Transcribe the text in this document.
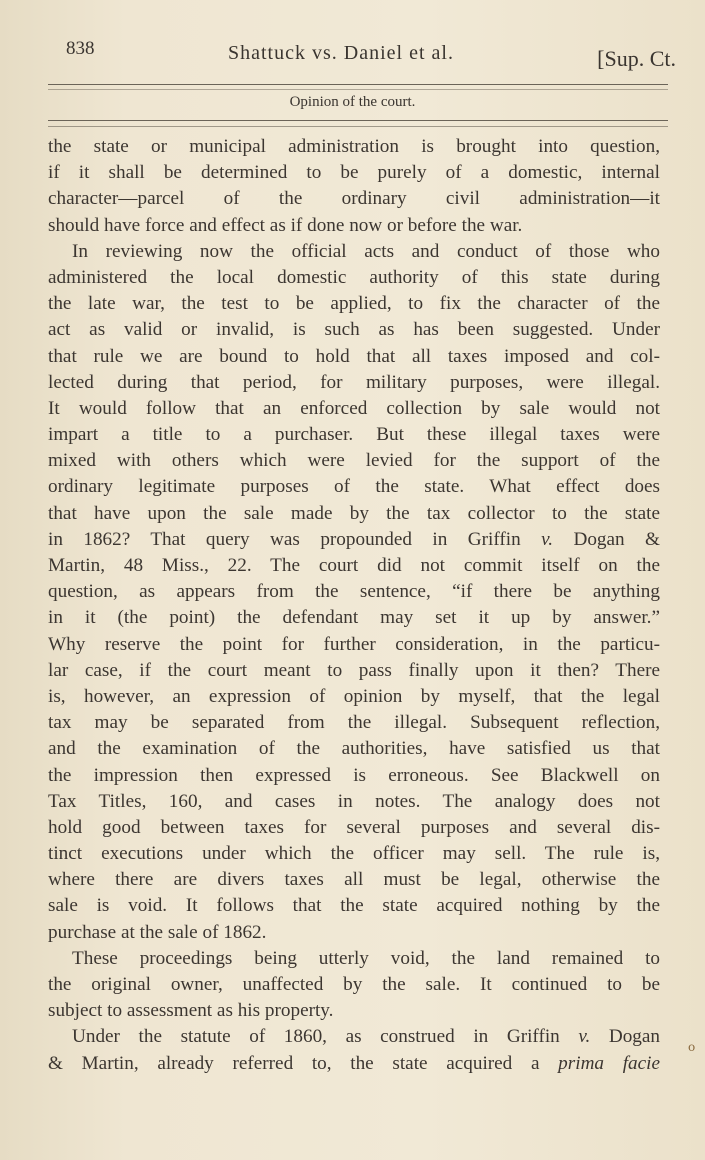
838	Shattuck vs. Daniel et al.	[Sup. Ct.
Opinion of the court.
the state or municipal administration is brought into question,
if it shall be determined to be purely of a domestic, internal
character—parcel of the ordinary civil administration—it
should have force and effect as if done now or before the war.
In reviewing now the official acts and conduct of those who
administered the local domestic authority of this state during
the late war, the test to be applied, to fix the character of the
act as valid or invalid, is such as has been suggested. Under
that rule we are bound to hold that all taxes imposed and col-
lected during that period, for military purposes, were illegal.
It would follow that an enforced collection by sale would not
impart a title to a purchaser. But these illegal taxes were
mixed with others which were levied for the support of the
ordinary legitimate purposes of the state. What effect does
that have upon the sale made by the tax collector to the state
in 1862? That query was propounded in Griffin v. Dogan &
Martin, 48 Miss., 22. The court did not commit itself on the
question, as appears from the sentence, “if there be anything
in it (the point) the defendant may set it up by answer.”
Why reserve the point for further consideration, in the particu-
lar case, if the court meant to pass finally upon it then? There
is, however, an expression of opinion by myself, that the legal
tax may be separated from the illegal. Subsequent reflection,
and the examination of the authorities, have satisfied us that
the impression then expressed is erroneous. See Blackwell on
Tax Titles, 160, and cases in notes. The analogy does not
hold good between taxes for several purposes and several dis-
tinct executions under which the officer may sell. The rule is,
where there are divers taxes all must be legal, otherwise the
sale is void. It follows that the state acquired nothing by the
purchase at the sale of 1862.
These proceedings being utterly void, the land remained to
the original owner, unaffected by the sale. It continued to be
subject to assessment as his property.
Under the statute of 1860, as construed in Griffin v. Dogan
& Martin, already referred to, the state acquired a prima facie
o
